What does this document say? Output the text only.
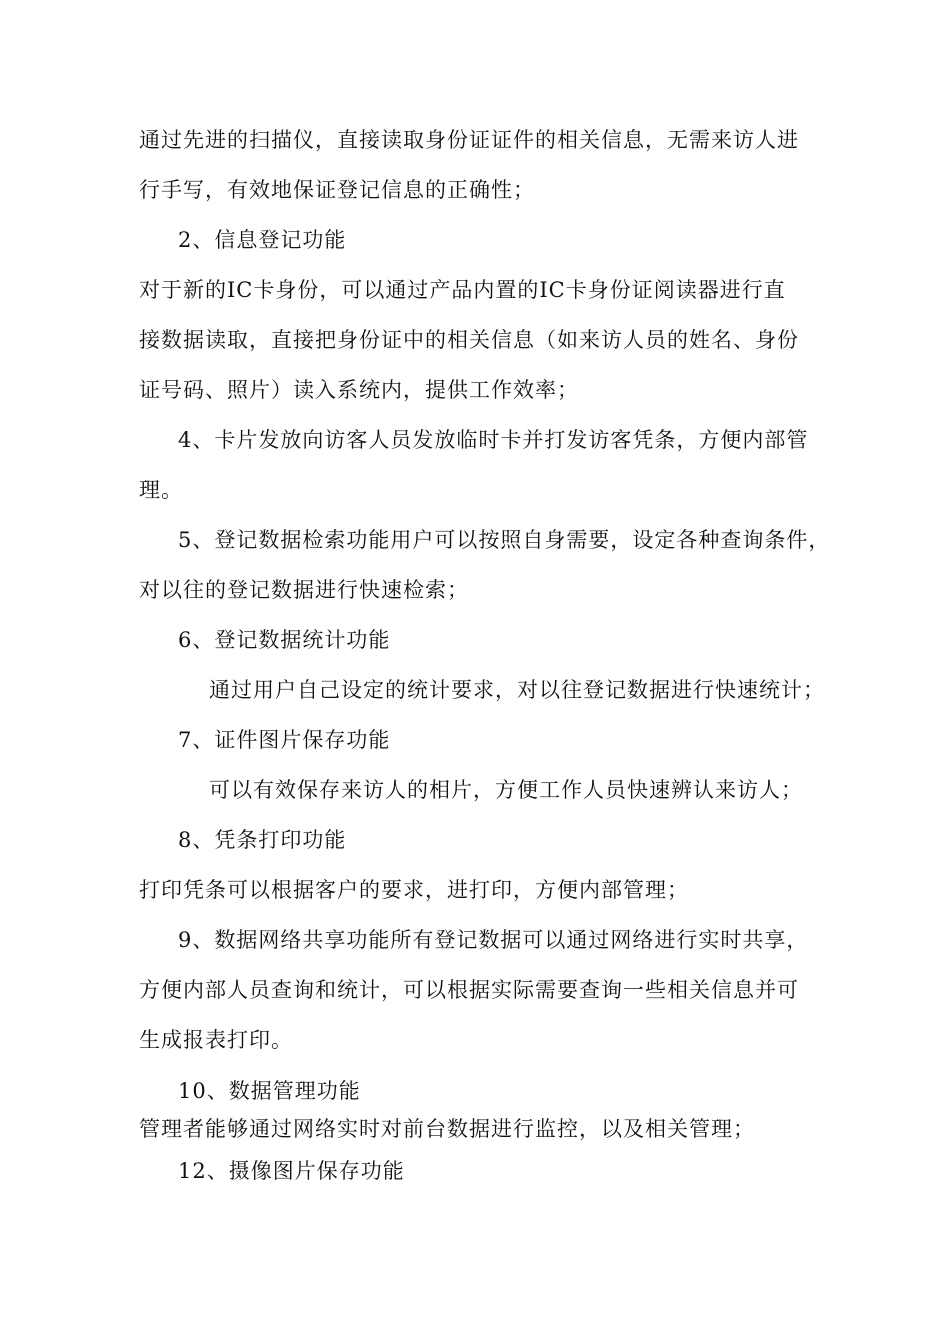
通过先进的扫描仪，直接读取身份证证件的相关信息，无需来访人进
行手写，有效地保证登记信息的正确性；
2、信息登记功能
对于新的IC卡身份，可以通过产品内置的IC卡身份证阅读器进行直
接数据读取，直接把身份证中的相关信息（如来访人员的姓名、身份
证号码、照片）读入系统内，提供工作效率；
4、卡片发放向访客人员发放临时卡并打发访客凭条，方便内部管
理。
5、登记数据检索功能用户可以按照自身需要，设定各种查询条件，
对以往的登记数据进行快速检索；
6、登记数据统计功能
通过用户自己设定的统计要求，对以往登记数据进行快速统计；
7、证件图片保存功能
可以有效保存来访人的相片，方便工作人员快速辨认来访人；
8、凭条打印功能
打印凭条可以根据客户的要求，进打印，方便内部管理；
9、数据网络共享功能所有登记数据可以通过网络进行实时共享，
方便内部人员查询和统计，可以根据实际需要查询一些相关信息并可
生成报表打印。
10、数据管理功能
管理者能够通过网络实时对前台数据进行监控，以及相关管理；
12、摄像图片保存功能
